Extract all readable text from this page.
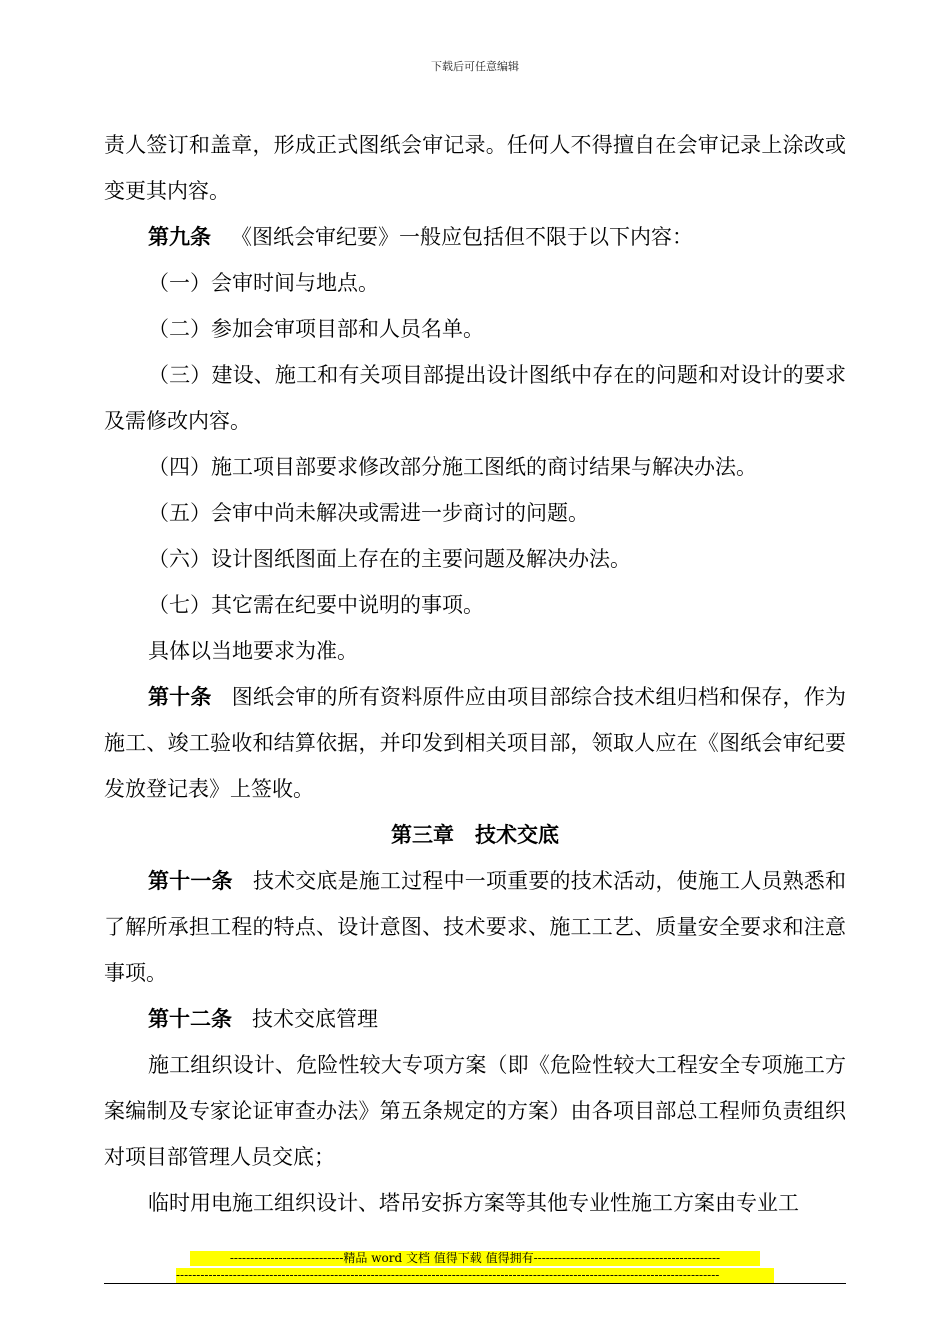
下载后可任意编辑

责人签订和盖章，形成正式图纸会审记录。任何人不得擅自在会审记录上涂改或变更其内容。

第九条 《图纸会审纪要》一般应包括但不限于以下内容：

（一）会审时间与地点。

（二）参加会审项目部和人员名单。

（三）建设、施工和有关项目部提出设计图纸中存在的问题和对设计的要求及需修改内容。

（四）施工项目部要求修改部分施工图纸的商讨结果与解决办法。

（五）会审中尚未解决或需进一步商讨的问题。

（六）设计图纸图面上存在的主要问题及解决办法。

（七）其它需在纪要中说明的事项。

具体以当地要求为准。

第十条 图纸会审的所有资料原件应由项目部综合技术组归档和保存，作为施工、竣工验收和结算依据，并印发到相关项目部，领取人应在《图纸会审纪要发放登记表》上签收。

第三章　技术交底

第十一条 技术交底是施工过程中一项重要的技术活动，使施工人员熟悉和了解所承担工程的特点、设计意图、技术要求、施工工艺、质量安全要求和注意事项。

第十二条 技术交底管理

施工组织设计、危险性较大专项方案（即《危险性较大工程安全专项施工方案编制及专家论证审查办法》第五条规定的方案）由各项目部总工程师负责组织对项目部管理人员交底；

临时用电施工组织设计、塔吊安拆方案等其他专业性施工方案由专业工

----------------------------精品 word 文档 值得下载 值得拥有----------------------------------------------
--------------------------------------------------------------------------------------------------------------------------------------
